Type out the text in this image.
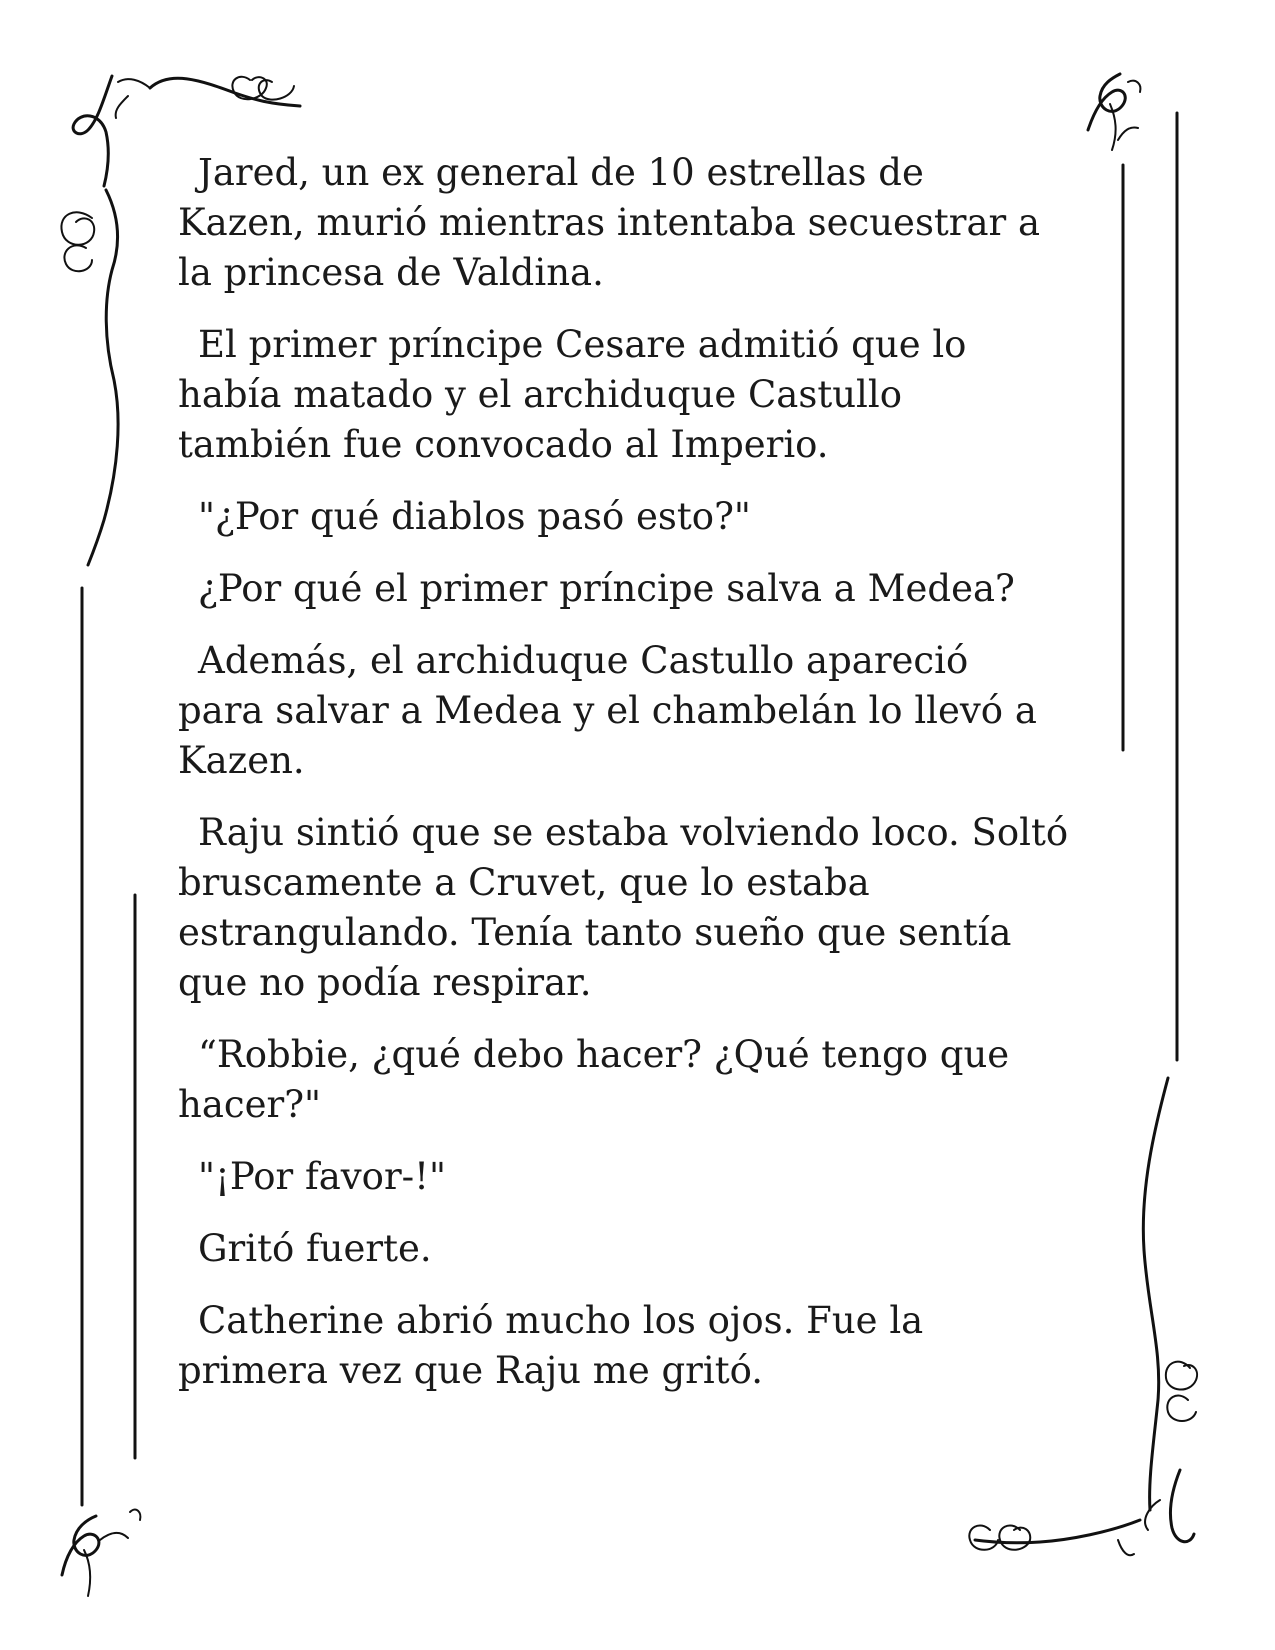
Jared, un ex general de 10 estrellas de
Kazen, murió mientras intentaba secuestrar a
la princesa de Valdina.

El primer príncipe Cesare admitió que lo
había matado y el archiduque Castullo
también fue convocado al Imperio.

"¿Por qué diablos pasó esto?"

¿Por qué el primer príncipe salva a Medea?

Además, el archiduque Castullo apareció
para salvar a Medea y el chambelán lo llevó a
Kazen.

Raju sintió que se estaba volviendo loco. Soltó
bruscamente a Cruvet, que lo estaba
estrangulando. Tenía tanto sueño que sentía
que no podía respirar.

“Robbie, ¿qué debo hacer? ¿Qué tengo que
hacer?"

"¡Por favor-!"

Gritó fuerte.

Catherine abrió mucho los ojos. Fue la
primera vez que Raju me gritó.
